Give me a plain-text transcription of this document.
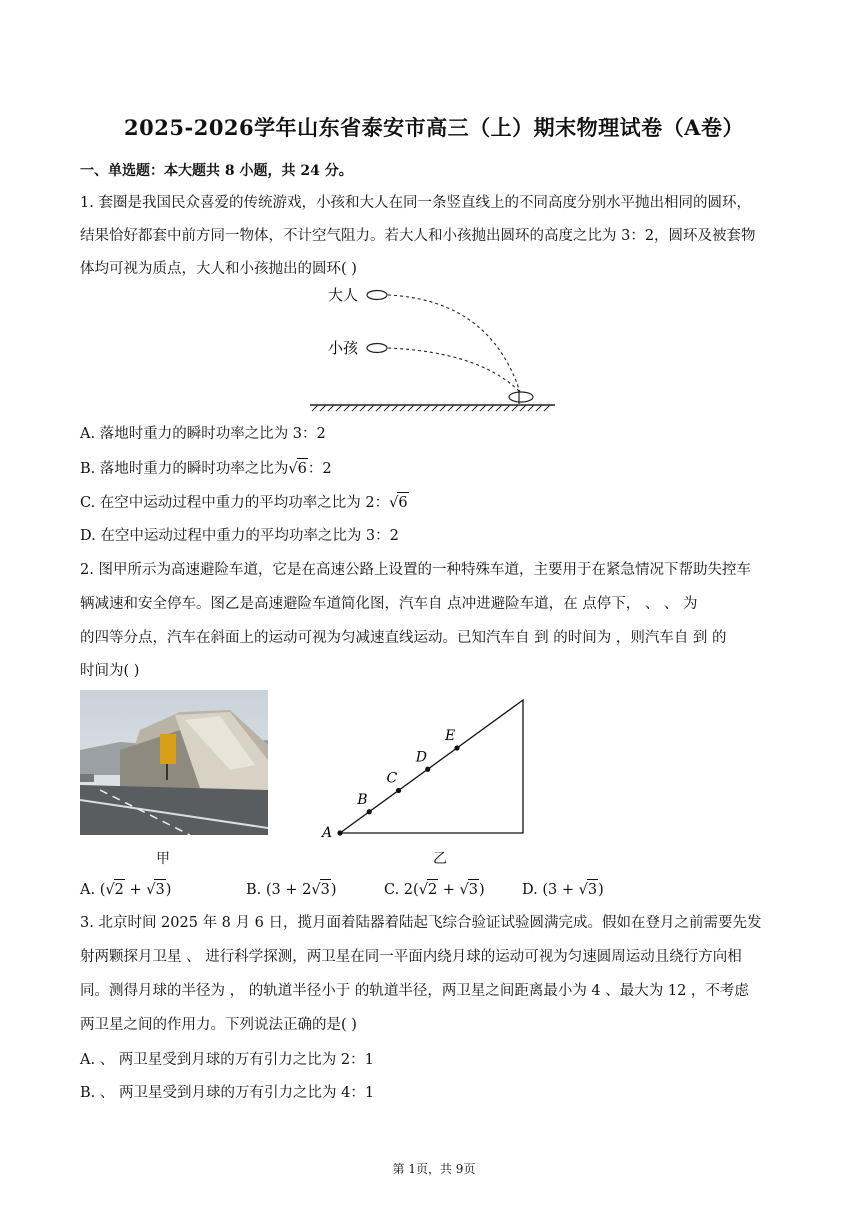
2025-2026学年山东省泰安市高三（上）期末物理试卷（A卷）
一、单选题：本大题共 8 小题，共 24 分。
1. 套圈是我国民众喜爱的传统游戏，小孩和大人在同一条竖直线上的不同高度分别水平抛出相同的圆环，
结果恰好都套中前方同一物体，不计空气阻力。若大人和小孩抛出圆环的高度之比为 3：2，圆环及被套物
体均可视为质点，大人和小孩抛出的圆环( )
大人
小孩
A. 落地时重力的瞬时功率之比为 3：2
B. 落地时重力的瞬时功率之比为√6：2
C. 在空中运动过程中重力的平均功率之比为 2：√6
D. 在空中运动过程中重力的平均功率之比为 3：2
2. 图甲所示为高速避险车道，它是在高速公路上设置的一种特殊车道，主要用于在紧急情况下帮助失控车
辆减速和安全停车。图乙是高速避险车道简化图，汽车自 点冲进避险车道，在 点停下， 、 、 为
的四等分点，汽车在斜面上的运动可视为匀减速直线运动。已知汽车自 到 的时间为 ，则汽车自 到 的
时间为( )
A
B
C
D
E
甲	乙
A. (√2 + √3)	B. (3 + 2√3)	C. 2(√2 + √3)	D. (3 + √3)
3. 北京时间 2025 年 8 月 6 日，揽月面着陆器着陆起飞综合验证试验圆满完成。假如在登月之前需要先发
射两颗探月卫星 、 进行科学探测，两卫星在同一平面内绕月球的运动可视为匀速圆周运动且绕行方向相
同。测得月球的半径为 ， 的轨道半径小于 的轨道半径，两卫星之间距离最小为 4 、最大为 12 ，不考虑
两卫星之间的作用力。下列说法正确的是( )
A. 、 两卫星受到月球的万有引力之比为 2：1
B. 、 两卫星受到月球的万有引力之比为 4：1
第 1页，共 9页
